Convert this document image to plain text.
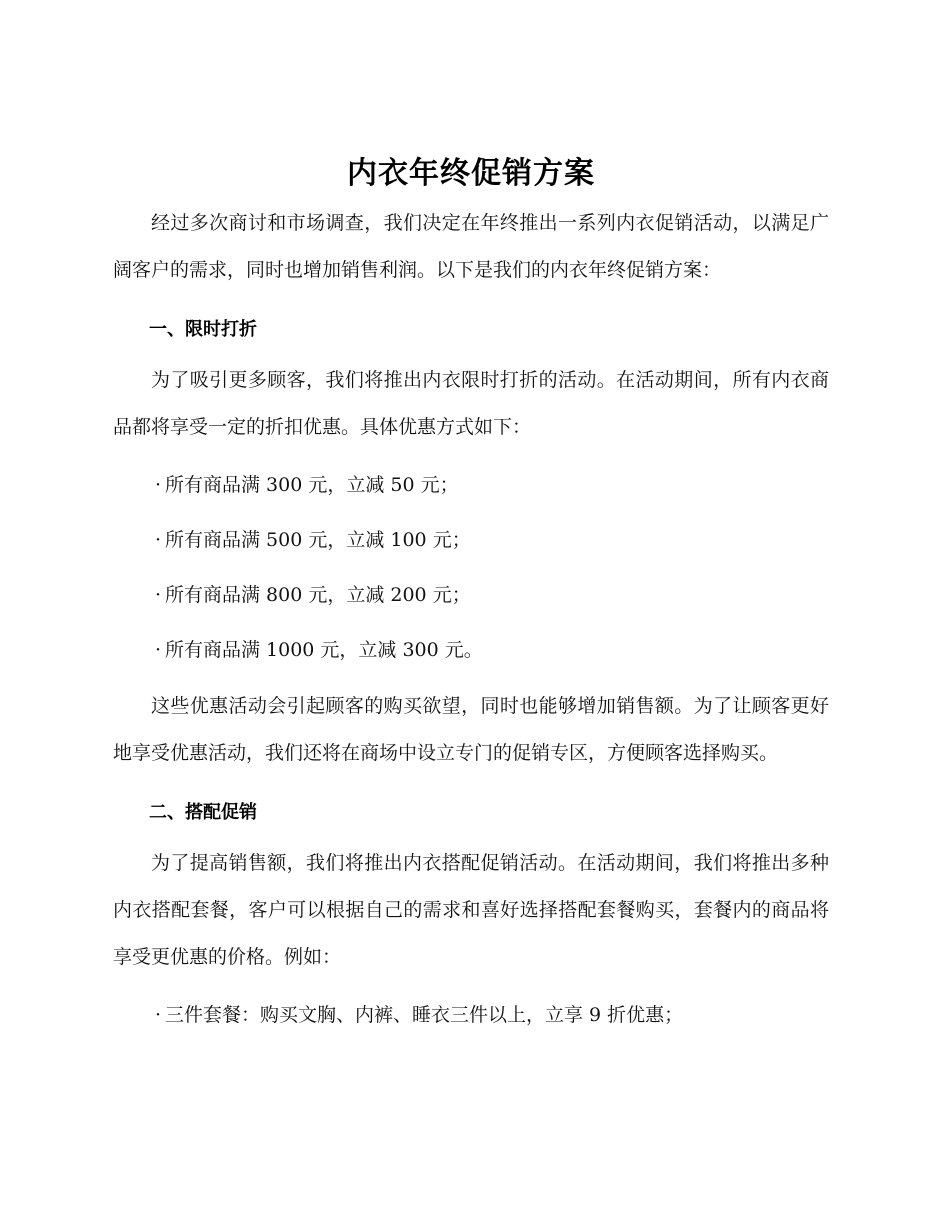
内衣年终促销方案

经过多次商讨和市场调查，我们决定在年终推出一系列内衣促销活动，以满足广阔客户的需求，同时也增加销售利润。以下是我们的内衣年终促销方案：

一、限时打折

为了吸引更多顾客，我们将推出内衣限时打折的活动。在活动期间，所有内衣商品都将享受一定的折扣优惠。具体优惠方式如下：

· 所有商品满 300 元，立减 50 元；
· 所有商品满 500 元，立减 100 元；
· 所有商品满 800 元，立减 200 元；
· 所有商品满 1000 元，立减 300 元。

这些优惠活动会引起顾客的购买欲望，同时也能够增加销售额。为了让顾客更好地享受优惠活动，我们还将在商场中设立专门的促销专区，方便顾客选择购买。

二、搭配促销

为了提高销售额，我们将推出内衣搭配促销活动。在活动期间，我们将推出多种内衣搭配套餐，客户可以根据自己的需求和喜好选择搭配套餐购买，套餐内的商品将享受更优惠的价格。例如：

· 三件套餐：购买文胸、内裤、睡衣三件以上，立享 9 折优惠；
